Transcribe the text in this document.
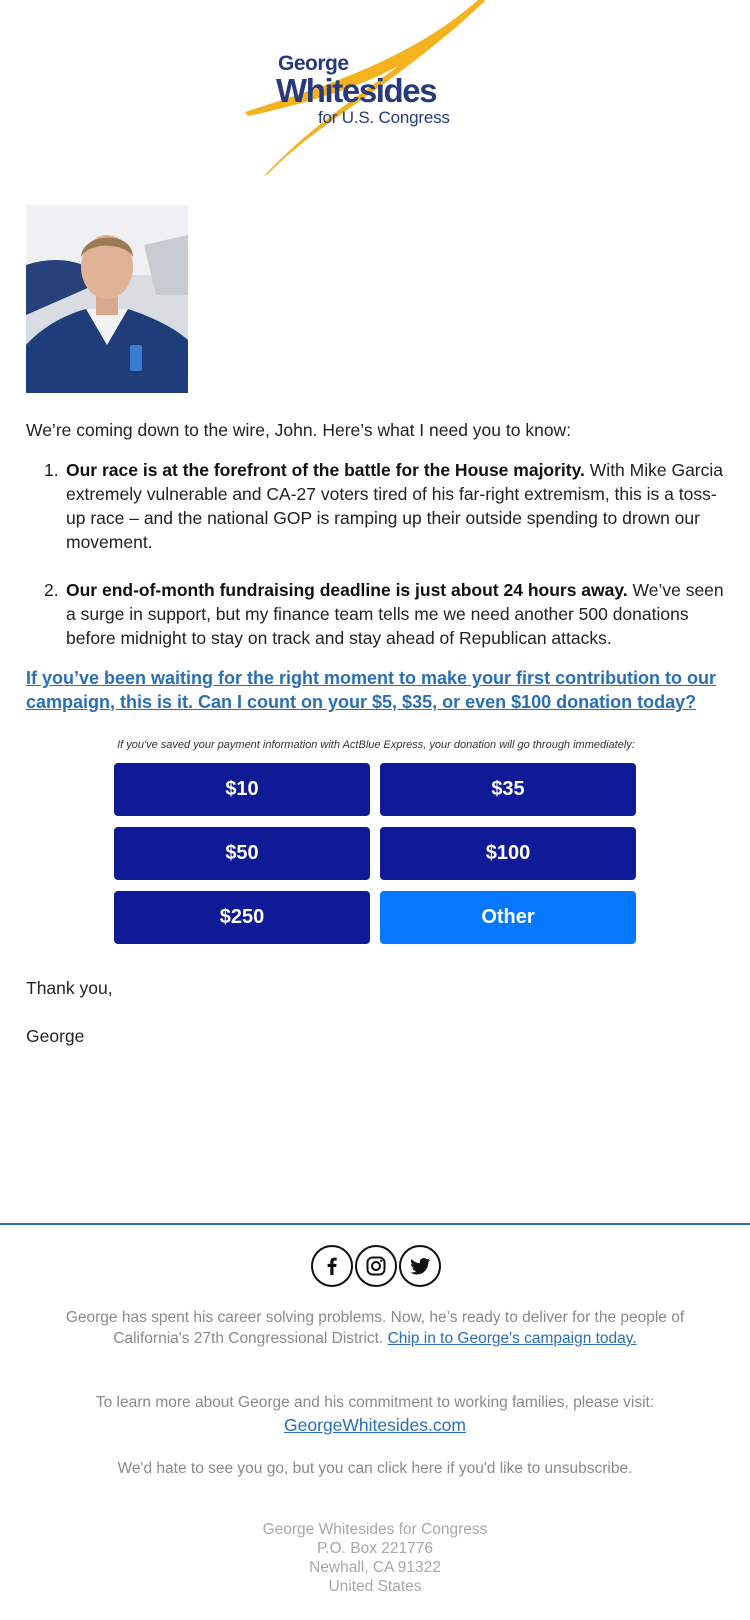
George
Whitesides
for U.S. Congress
We’re coming down to the wire, John. Here’s what I need you to know:
1. Our race is at the forefront of the battle for the House majority. With Mike Garcia extremely vulnerable and CA-27 voters tired of his far-right extremism, this is a toss-up race – and the national GOP is ramping up their outside spending to drown our movement.
2. Our end-of-month fundraising deadline is just about 24 hours away. We’ve seen a surge in support, but my finance team tells me we need another 500 donations before midnight to stay on track and stay ahead of Republican attacks.
If you’ve been waiting for the right moment to make your first contribution to our campaign, this is it. Can I count on your $5, $35, or even $100 donation today?
If you've saved your payment information with ActBlue Express, your donation will go through immediately:
$10	$35
$50	$100
$250	Other
Thank you,
George
George has spent his career solving problems. Now, he’s ready to deliver for the people of California's 27th Congressional District. Chip in to George's campaign today.
To learn more about George and his commitment to working families, please visit:
GeorgeWhitesides.com
We'd hate to see you go, but you can click here if you'd like to unsubscribe.
George Whitesides for Congress
P.O. Box 221776
Newhall, CA 91322
United States
